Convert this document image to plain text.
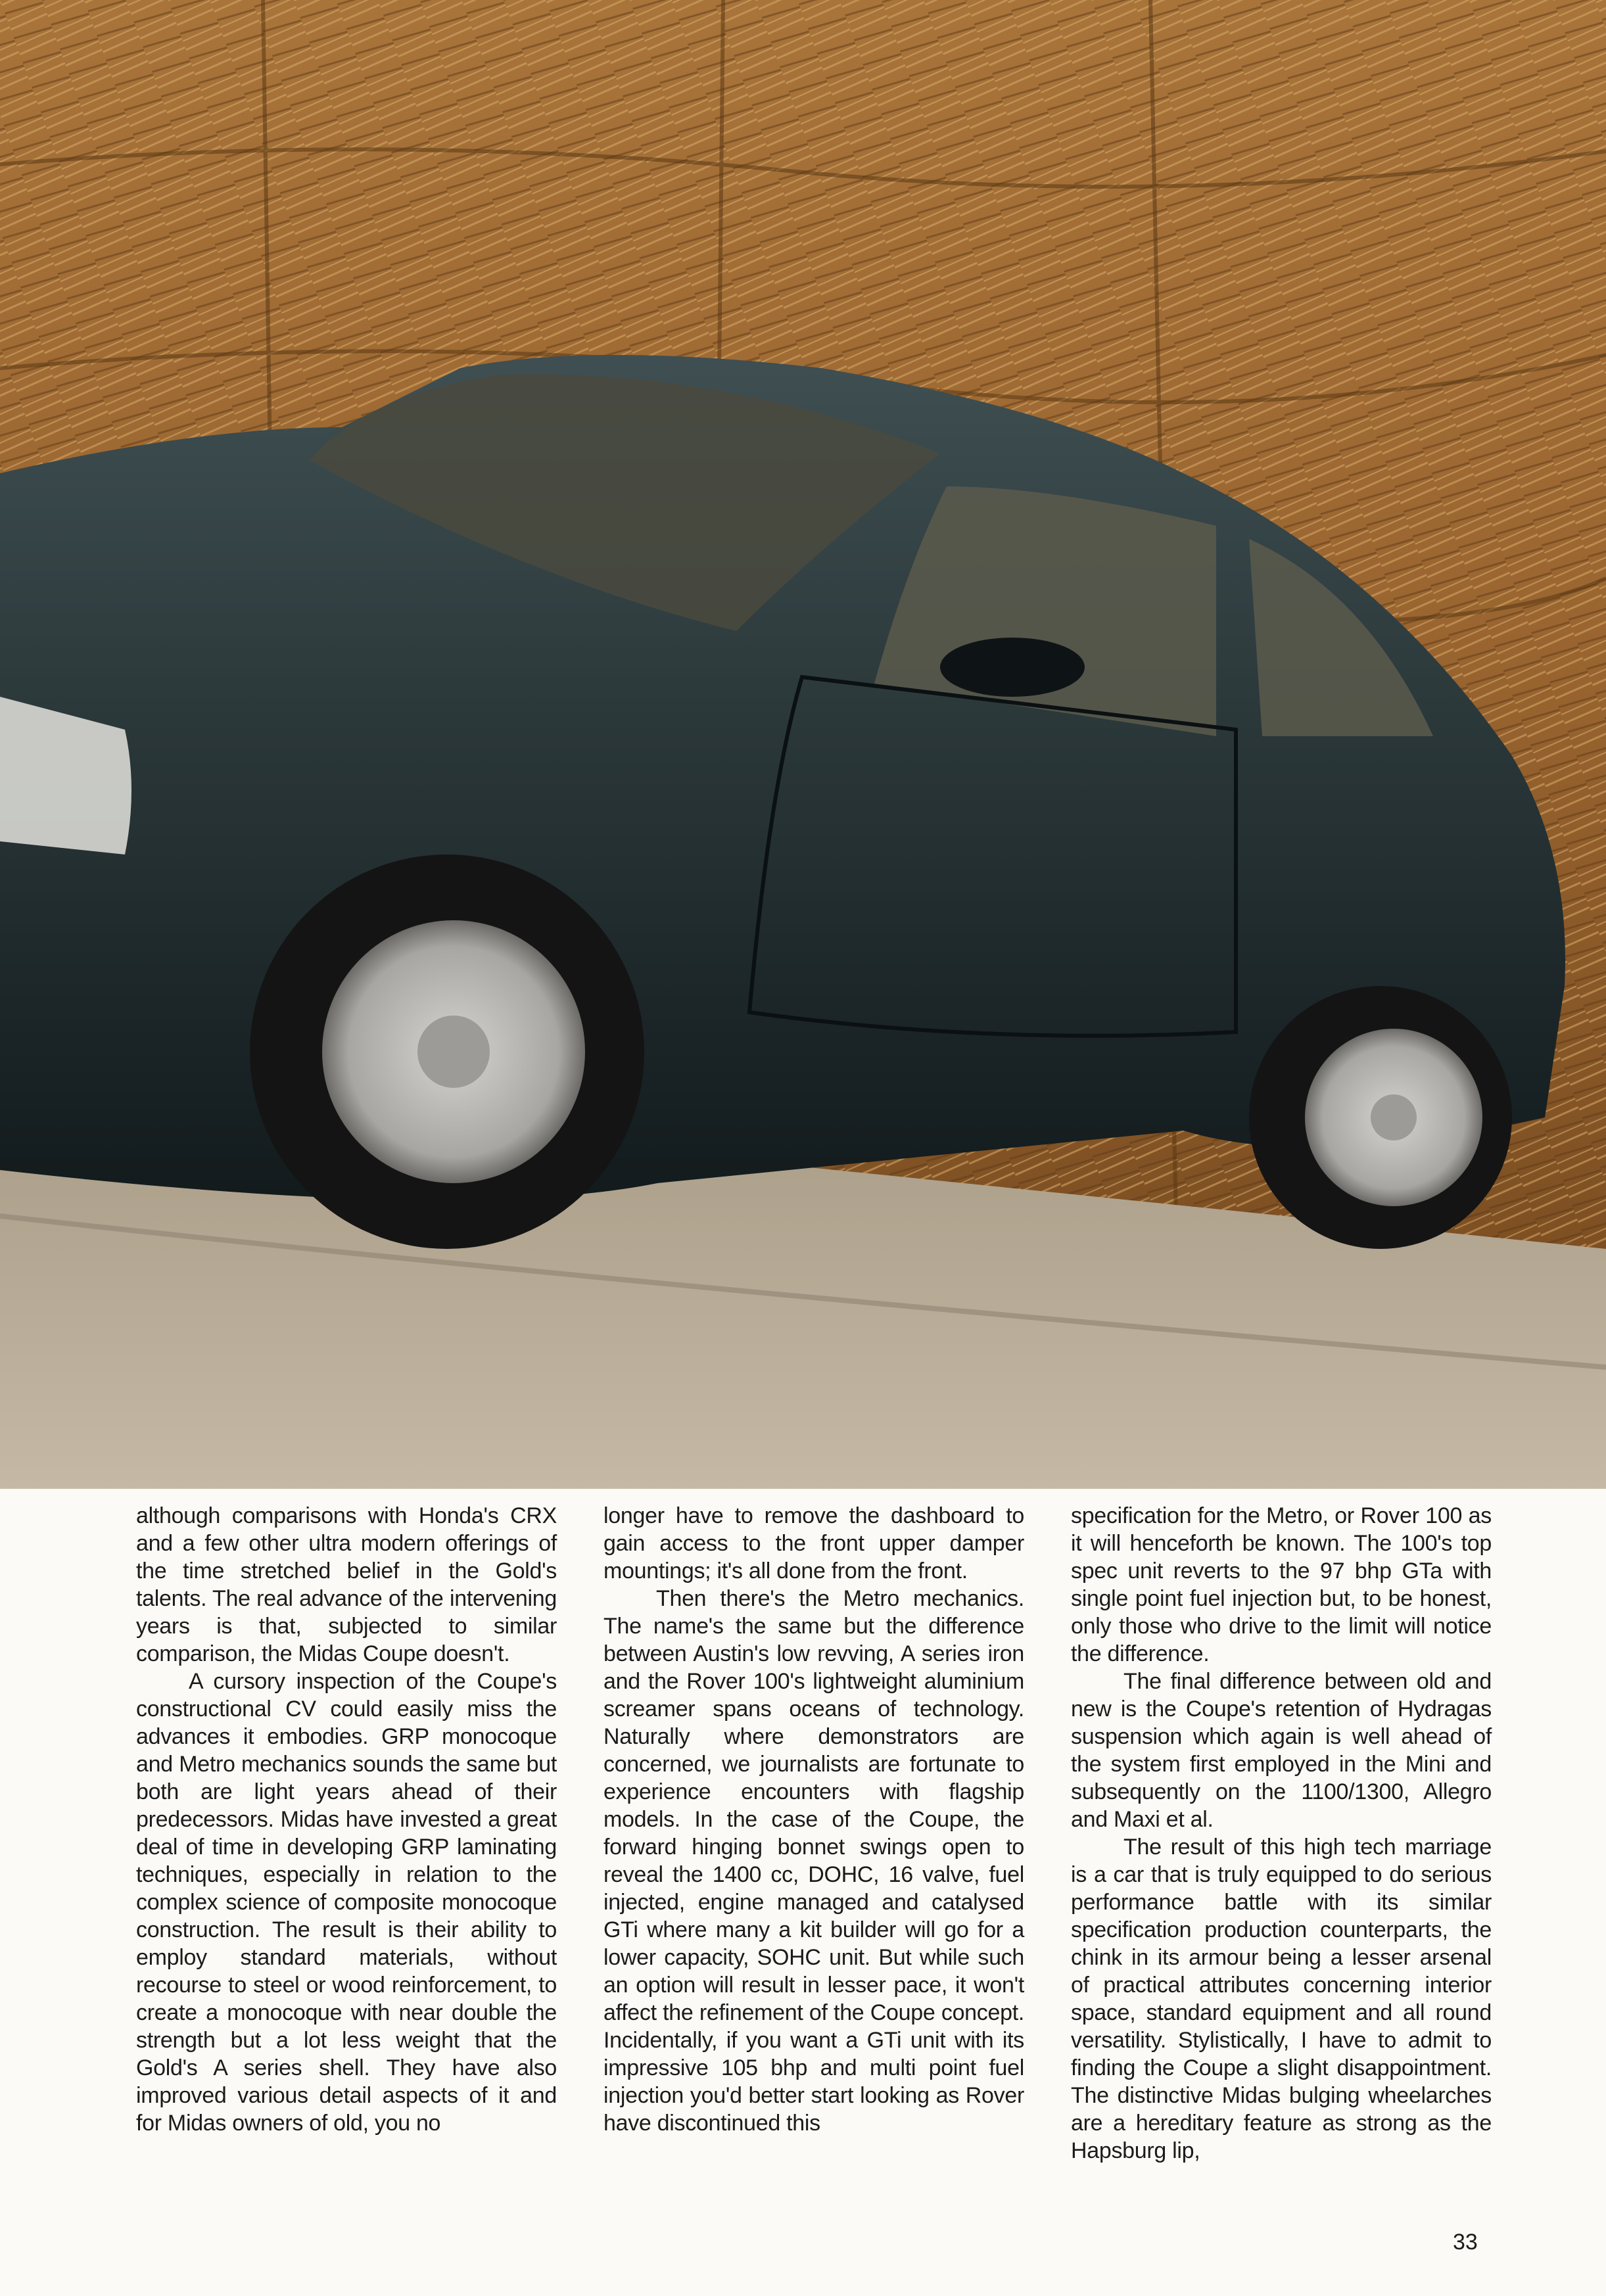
although comparisons with Honda's CRX and a few other ultra modern offerings of the time stretched belief in the Gold's talents. The real advance of the intervening years is that, subjected to similar comparison, the Midas Coupe doesn't.

A cursory inspection of the Coupe's constructional CV could easily miss the advances it embodies. GRP monocoque and Metro mechanics sounds the same but both are light years ahead of their predecessors. Midas have invested a great deal of time in developing GRP laminating techniques, especially in relation to the complex science of composite monocoque construction. The result is their ability to employ standard materials, without recourse to steel or wood reinforcement, to create a monocoque with near double the strength but a lot less weight that the Gold's A series shell. They have also improved various detail aspects of it and for Midas owners of old, you no

longer have to remove the dashboard to gain access to the front upper damper mountings; it's all done from the front.

Then there's the Metro mechanics. The name's the same but the difference between Austin's low revving, A series iron and the Rover 100's lightweight aluminium screamer spans oceans of technology. Naturally where demonstrators are concerned, we journalists are fortunate to experience encounters with flagship models. In the case of the Coupe, the forward hinging bonnet swings open to reveal the 1400 cc, DOHC, 16 valve, fuel injected, engine managed and catalysed GTi where many a kit builder will go for a lower capacity, SOHC unit. But while such an option will result in lesser pace, it won't affect the refinement of the Coupe concept. Incidentally, if you want a GTi unit with its impressive 105 bhp and multi point fuel injection you'd better start looking as Rover have discontinued this

specification for the Metro, or Rover 100 as it will henceforth be known. The 100's top spec unit reverts to the 97 bhp GTa with single point fuel injection but, to be honest, only those who drive to the limit will notice the difference.

The final difference between old and new is the Coupe's retention of Hydragas suspension which again is well ahead of the system first employed in the Mini and subsequently on the 1100/1300, Allegro and Maxi et al.

The result of this high tech marriage is a car that is truly equipped to do serious performance battle with its similar specification production counterparts, the chink in its armour being a lesser arsenal of practical attributes concerning interior space, standard equipment and all round versatility. Stylistically, I have to admit to finding the Coupe a slight disappointment. The distinctive Midas bulging wheelarches are a hereditary feature as strong as the Hapsburg lip,

33
